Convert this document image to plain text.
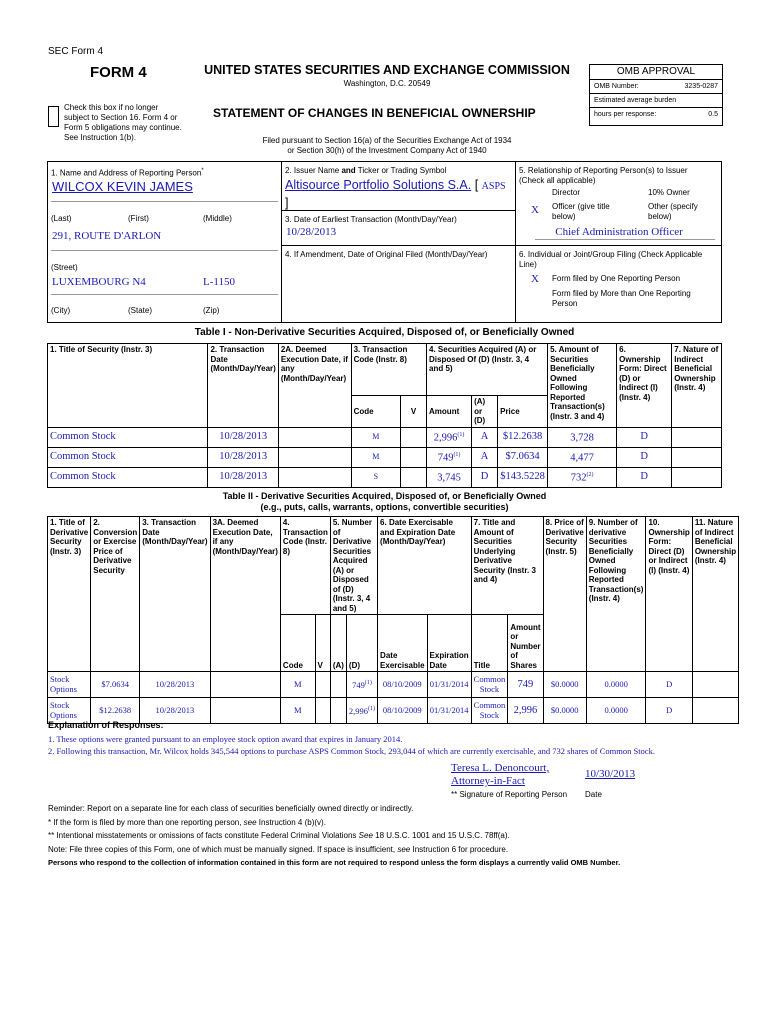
SEC Form 4
FORM 4	UNITED STATES SECURITIES AND EXCHANGE COMMISSION
Washington, D.C. 20549
Check this box if no longer subject to Section 16. Form 4 or Form 5 obligations may continue. See Instruction 1(b).
STATEMENT OF CHANGES IN BENEFICIAL OWNERSHIP
Filed pursuant to Section 16(a) of the Securities Exchange Act of 1934
or Section 30(h) of the Investment Company Act of 1940
OMB APPROVAL
OMB Number:	3235-0287
Estimated average burden
hours per response:	0.5
1. Name and Address of Reporting Person*
WILCOX KEVIN JAMES
(Last)	(First)	(Middle)
291, ROUTE D'ARLON
(Street)
LUXEMBOURG N4	L-1150
(City)	(State)	(Zip)
2. Issuer Name and Ticker or Trading Symbol
Altisource Portfolio Solutions S.A. [ ASPS
]
3. Date of Earliest Transaction (Month/Day/Year)
10/28/2013
4. If Amendment, Date of Original Filed (Month/Day/Year)
5. Relationship of Reporting Person(s) to Issuer
(Check all applicable)
Director	10% Owner
X Officer (give title below)
Other (specify below)
Chief Administration Officer
6. Individual or Joint/Group Filing (Check Applicable Line)
X Form filed by One Reporting Person
Form filed by More than One Reporting Person
Table I - Non-Derivative Securities Acquired, Disposed of, or Beneficially Owned
1. Title of Security (Instr. 3)	2. Transaction Date (Month/Day/Year)	2A. Deemed Execution Date, if any (Month/Day/Year)	3. Transaction Code (Instr. 8)		4. Securities Acquired (A) or Disposed Of (D) (Instr. 3, 4 and 5)			5. Amount of Securities Beneficially Owned Following Reported Transaction(s) (Instr. 3 and 4)	6. Ownership Form: Direct (D) or Indirect (I) (Instr. 4)	7. Nature of Indirect Beneficial Ownership (Instr. 4)
			Code	V	Amount	(A) or (D)	Price			
Common Stock	10/28/2013		M		2,996$^{(1)}$	A	$12.2638	3,728	D	
Common Stock	10/28/2013		M		749$^{(1)}$	A	$7.0634	4,477	D	
Common Stock	10/28/2013		S		3,745	D	$143.5228	732$^{(2)}$	D	
Table II - Derivative Securities Acquired, Disposed of, or Beneficially Owned
(e.g., puts, calls, warrants, options, convertible securities)
1. Title of Derivative Security (Instr. 3)	2. Conversion or Exercise Price of Derivative Security	3. Transaction Date (Month/Day/Year)	3A. Deemed Execution Date, if any (Month/Day/Year)	4. Transaction Code (Instr. 8)		5. Number of Derivative Securities Acquired (A) or Disposed of (D) (Instr. 3, 4 and 5)		6. Date Exercisable and Expiration Date (Month/Day/Year)		7. Title and Amount of Securities Underlying Derivative Security (Instr. 3 and 4)		8. Price of Derivative Security (Instr. 5)	9. Number of derivative Securities Beneficially Owned Following Reported Transaction(s) (Instr. 4)	10. Ownership Form: Direct (D) or Indirect (I) (Instr. 4)	11. Nature of Indirect Beneficial Ownership (Instr. 4)
				Code	V	(A)	(D)	Date Exercisable	Expiration Date	Title	Amount or Number of Shares				
Stock Options	$7.0634	10/28/2013		M			749$^{(1)}$	08/10/2009	01/31/2014	Common Stock	749	$0.0000	0.0000	D	
Stock Options	$12.2638	10/28/2013		M			2,996$^{(1)}$	08/10/2009	01/31/2014	Common Stock	2,996	$0.0000	0.0000	D	
Explanation of Responses:
1. These options were granted pursuant to an employee stock option award that expires in January 2014.
2. Following this transaction, Mr. Wilcox holds 345,544 options to purchase ASPS Common Stock, 293,044 of which are currently exercisable, and 732 shares of Common Stock.
Teresa L. Denoncourt,
Attorney-in-Fact
10/30/2013
** Signature of Reporting Person Date
Reminder: Report on a separate line for each class of securities beneficially owned directly or indirectly.
* If the form is filed by more than one reporting person, see Instruction 4 (b)(v).
** Intentional misstatements or omissions of facts constitute Federal Criminal Violations See 18 U.S.C. 1001 and 15 U.S.C. 78ff(a).
Note: File three copies of this Form, one of which must be manually signed. If space is insufficient, see Instruction 6 for procedure.
Persons who respond to the collection of information contained in this form are not required to respond unless the form displays a currently valid OMB Number.
